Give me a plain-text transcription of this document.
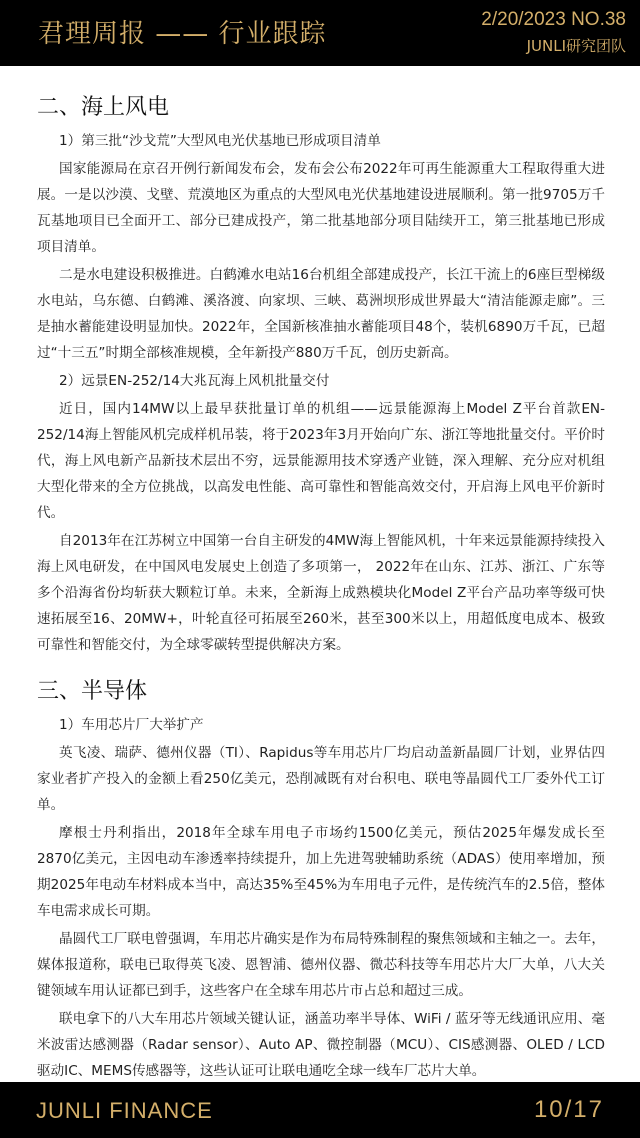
君理周报 —— 行业跟踪	2/20/2023 NO.38
JUNLI研究团队
二、海上风电
1）第三批“沙戈荒”大型风电光伏基地已形成项目清单
国家能源局在京召开例行新闻发布会，发布会公布2022年可再生能源重大工程取得重大进展。一是以沙漠、戈壁、荒漠地区为重点的大型风电光伏基地建设进展顺利。第一批9705万千瓦基地项目已全面开工、部分已建成投产，第二批基地部分项目陆续开工，第三批基地已形成项目清单。
二是水电建设积极推进。白鹤滩水电站16台机组全部建成投产，长江干流上的6座巨型梯级水电站，乌东德、白鹤滩、溪洛渡、向家坝、三峡、葛洲坝形成世界最大“清洁能源走廊”。三是抽水蓄能建设明显加快。2022年，全国新核准抽水蓄能项目48个，装机6890万千瓦，已超过“十三五”时期全部核准规模，全年新投产880万千瓦，创历史新高。
2）远景EN-252/14大兆瓦海上风机批量交付
近日，国内14MW以上最早获批量订单的机组——远景能源海上Model Z平台首款EN-252/14海上智能风机完成样机吊装，将于2023年3月开始向广东、浙江等地批量交付。平价时代，海上风电新产品新技术层出不穷，远景能源用技术穿透产业链，深入理解、充分应对机组大型化带来的全方位挑战，以高发电性能、高可靠性和智能高效交付，开启海上风电平价新时代。
自2013年在江苏树立中国第一台自主研发的4MW海上智能风机，十年来远景能源持续投入海上风电研发，在中国风电发展史上创造了多项第一， 2022年在山东、江苏、浙江、广东等多个沿海省份均斩获大颗粒订单。未来，全新海上成熟模块化Model Z平台产品功率等级可快速拓展至16、20MW+，叶轮直径可拓展至260米，甚至300米以上，用超低度电成本、极致可靠性和智能交付，为全球零碳转型提供解决方案。
三、半导体
1）车用芯片厂大举扩产
英飞凌、瑞萨、德州仪器（TI）、Rapidus等车用芯片厂均启动盖新晶圆厂计划，业界估四家业者扩产投入的金额上看250亿美元，恐削减既有对台积电、联电等晶圆代工厂委外代工订单。
摩根士丹利指出，2018年全球车用电子市场约1500亿美元，预估2025年爆发成长至2870亿美元，主因电动车渗透率持续提升，加上先进驾驶辅助系统（ADAS）使用率增加，预期2025年电动车材料成本当中，高达35%至45%为车用电子元件，是传统汽车的2.5倍，整体车电需求成长可期。
晶圆代工厂联电曾强调，车用芯片确实是作为布局特殊制程的聚焦领域和主轴之一。去年，媒体报道称，联电已取得英飞凌、恩智浦、德州仪器、微芯科技等车用芯片大厂大单，八大关键领域车用认证都已到手，这些客户在全球车用芯片市占总和超过三成。
联电拿下的八大车用芯片领域关键认证，涵盖功率半导体、WiFi / 蓝牙等无线通讯应用、毫米波雷达感测器（Radar sensor）、Auto AP、微控制器（MCU）、CIS感测器、OLED / LCD驱动IC、MEMS传感器等，这些认证可让联电通吃全球一线车厂芯片大单。
JUNLI FINANCE	10/17
